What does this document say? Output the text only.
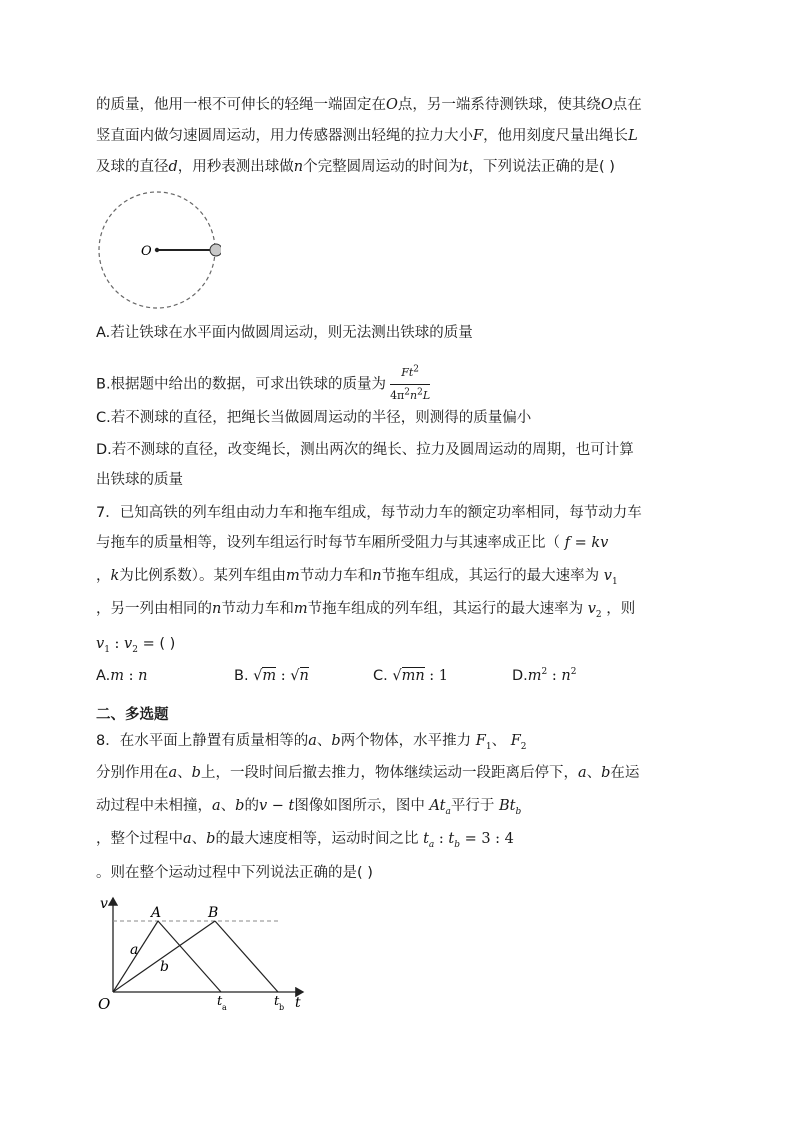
的质量，他用一根不可伸长的轻绳一端固定在O点，另一端系待测铁球，使其绕O点在
竖直面内做匀速圆周运动，用力传感器测出轻绳的拉力大小F，他用刻度尺量出绳长L
及球的直径d，用秒表测出球做n个完整圆周运动的时间为t，下列说法正确的是( )
O
A.若让铁球在水平面内做圆周运动，则无法测出铁球的质量
B.根据题中给出的数据，可求出铁球的质量为 $\frac{Ft^2}{4\pi^2n^2L}$
C.若不测球的直径，把绳长当做圆周运动的半径，则测得的质量偏小
D.若不测球的直径，改变绳长，测出两次的绳长、拉力及圆周运动的周期，也可计算
出铁球的质量
7．已知高铁的列车组由动力车和拖车组成，每节动力车的额定功率相同，每节动力车
与拖车的质量相等，设列车组运行时每节车厢所受阻力与其速率成正比（ f = kv
，k为比例系数）。某列车组由m节动力车和n节拖车组成，其运行的最大速率为 $v_1$
，另一列由相同的n节动力车和m节拖车组成的列车组，其运行的最大速率为 $v_2$ ，则
$v_1$ : $v_2$ = ( )
A.m : n	B. √m : √n	C. √mn : 1	$D.m^2$ : $n^2$
二、多选题
8．在水平面上静置有质量相等的a、b两个物体，水平推力 $F_1$、 $F_2$
分别作用在a、b上，一段时间后撤去推力，物体继续运动一段距离后停下，a、b在运
动过程中未相撞，a、b的v − t图像如图所示，图中 $At_a$平行于 $Bt_b$
，整个过程中a、b的最大速度相等，运动时间之比 $t_a$ : $t_b = 3$ : 4
。则在整个运动过程中下列说法正确的是( )
v
t
O
A	B
a
b
t a	t b
